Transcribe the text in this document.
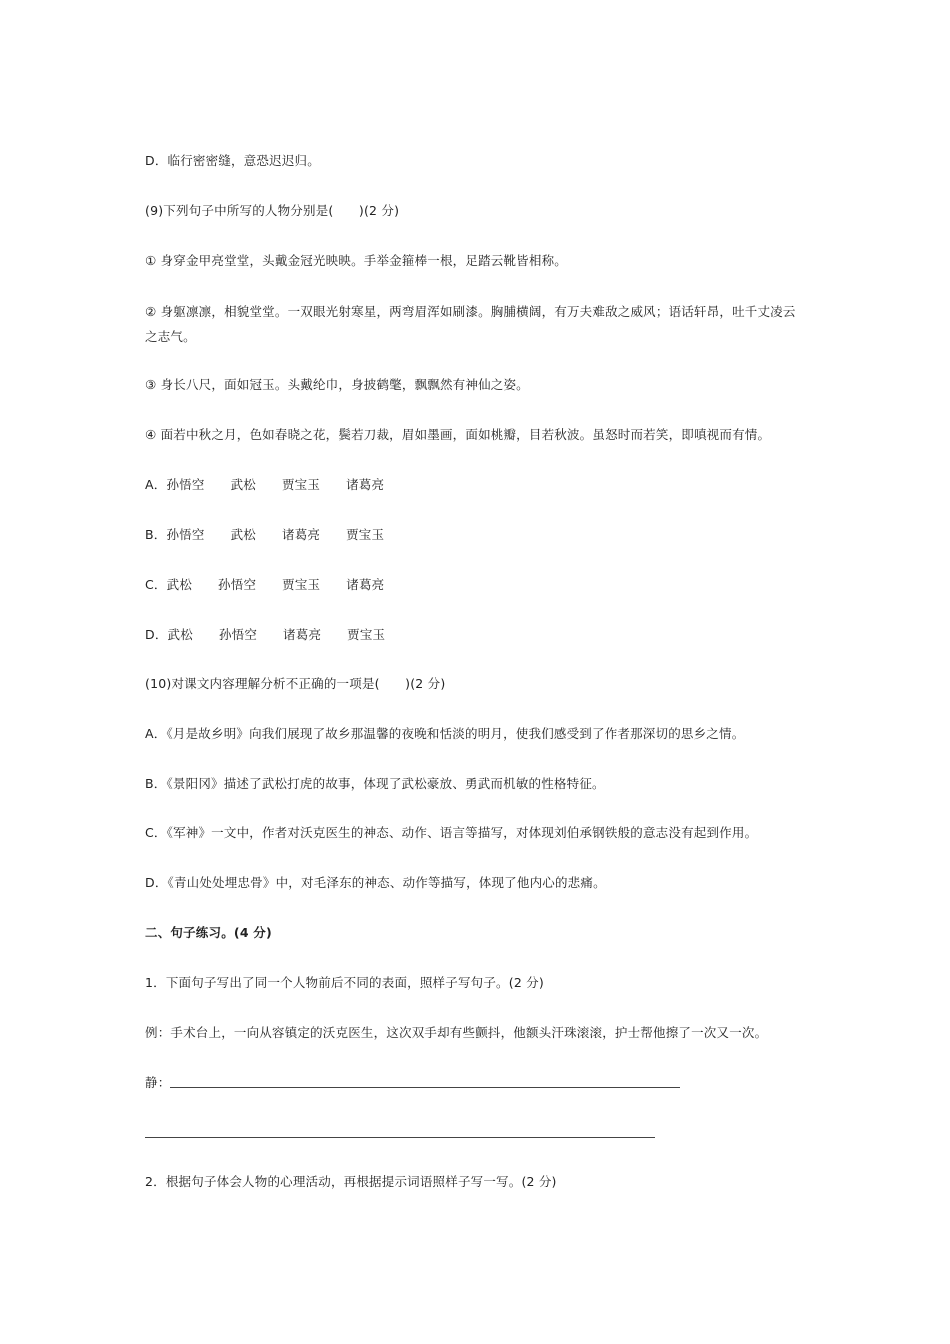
D．临行密密缝，意恐迟迟归。
(9)下列句子中所写的人物分别是(　　)(2 分)
① 身穿金甲亮堂堂，头戴金冠光映映。手举金箍棒一根，足踏云靴皆相称。
② 身躯凛凛，相貌堂堂。一双眼光射寒星，两弯眉浑如刷漆。胸脯横阔，有万夫难敌之威风；语话轩昂，吐千丈凌云之志气。
③ 身长八尺，面如冠玉。头戴纶巾，身披鹤氅，飘飘然有神仙之姿。
④ 面若中秋之月，色如春晓之花，鬓若刀裁，眉如墨画，面如桃瓣，目若秋波。虽怒时而若笑，即嗔视而有情。
A．孙悟空 武松 贾宝玉 诸葛亮
B．孙悟空 武松 诸葛亮 贾宝玉
C．武松 孙悟空 贾宝玉 诸葛亮
D．武松 孙悟空 诸葛亮 贾宝玉
(10)对课文内容理解分析不正确的一项是(　　)(2 分)
A．《月是故乡明》向我们展现了故乡那温馨的夜晚和恬淡的明月，使我们感受到了作者那深切的思乡之情。
B．《景阳冈》描述了武松打虎的故事，体现了武松豪放、勇武而机敏的性格特征。
C．《军神》一文中，作者对沃克医生的神态、动作、语言等描写，对体现刘伯承钢铁般的意志没有起到作用。
D．《青山处处埋忠骨》中，对毛泽东的神态、动作等描写，体现了他内心的悲痛。
二、句子练习。(4 分)
1．下面句子写出了同一个人物前后不同的表面，照样子写句子。(2 分)
例：手术台上，一向从容镇定的沃克医生，这次双手却有些颤抖，他额头汗珠滚滚，护士帮他擦了一次又一次。
静：
2．根据句子体会人物的心理活动，再根据提示词语照样子写一写。(2 分)
